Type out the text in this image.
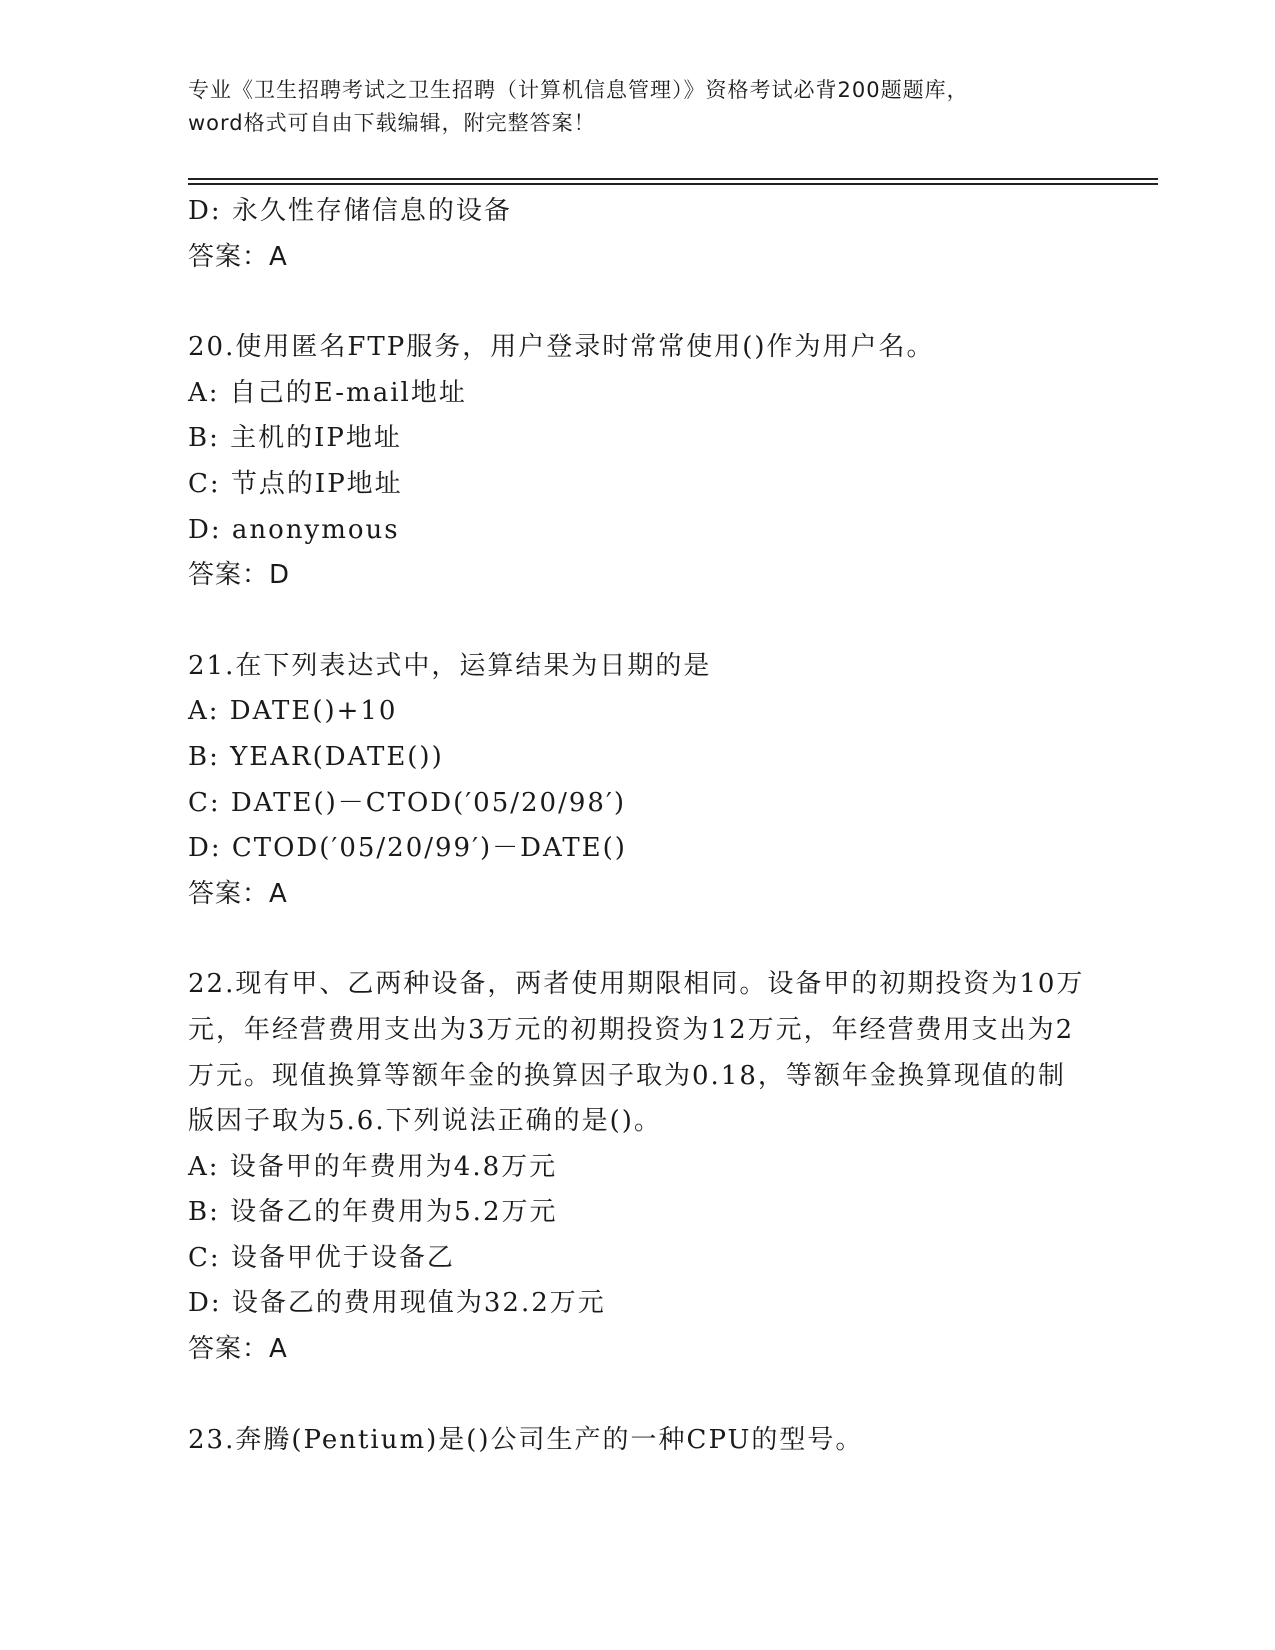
专业《卫生招聘考试之卫生招聘（计算机信息管理）》资格考试必背200题题库，
word格式可自由下载编辑，附完整答案！
D: 永久性存储信息的设备
答案：A
20.使用匿名FTP服务，用户登录时常常使用()作为用户名。
A: 自己的E-mail地址
B: 主机的IP地址
C: 节点的IP地址
D: anonymous
答案：D
21.在下列表达式中，运算结果为日期的是
A: DATE()+10
B: YEAR(DATE())
C: DATE()－CTOD(′05/20/98′)
D: CTOD(′05/20/99′)－DATE()
答案：A

22.现有甲、乙两种设备，两者使用期限相同。设备甲的初期投资为10万元，年经营费用支出为3万元的初期投资为12万元，年经营费用支出为2万元。现值换算等额年金的换算因子取为0.18，等额年金换算现值的制版因子取为5.6.下列说法正确的是()。

A: 设备甲的年费用为4.8万元
B: 设备乙的年费用为5.2万元
C: 设备甲优于设备乙
D: 设备乙的费用现值为32.2万元
答案：A
23.奔腾(Pentium)是()公司生产的一种CPU的型号。
